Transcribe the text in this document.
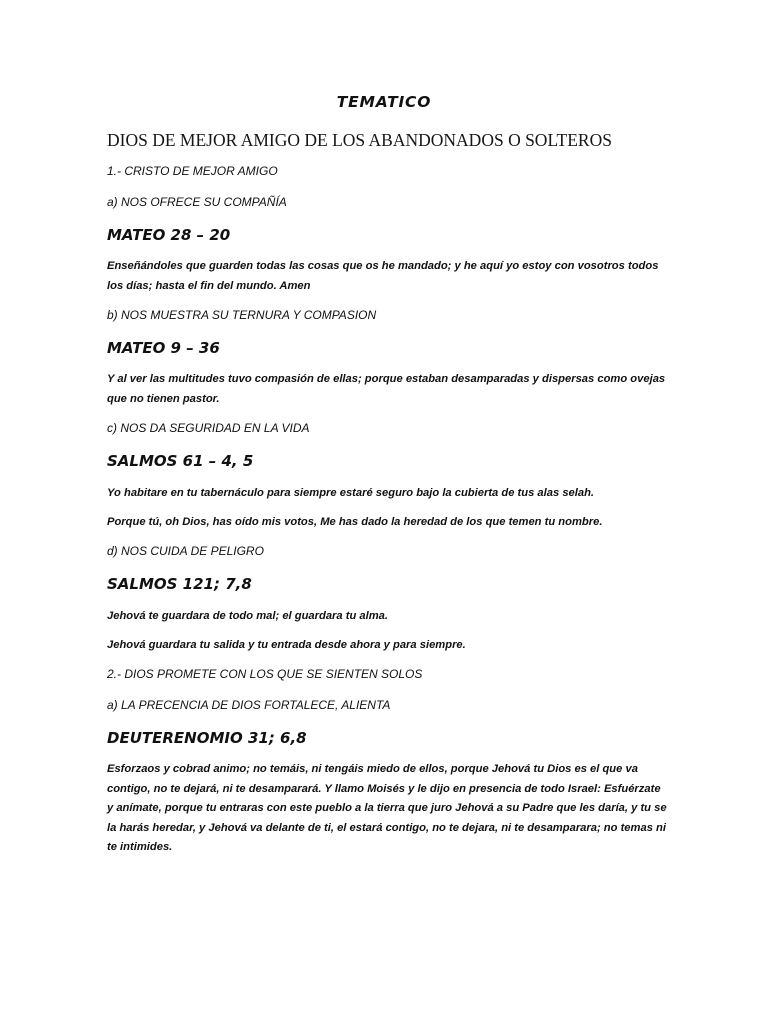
TEMATICO

DIOS DE MEJOR AMIGO DE LOS ABANDONADOS O SOLTEROS

1.- CRISTO DE MEJOR AMIGO

a) NOS OFRECE SU COMPAÑÍA

MATEO 28 – 20

Enseñándoles que guarden todas las cosas que os he mandado; y he aquí yo estoy con vosotros todos los días; hasta el fin del mundo. Amen

b) NOS MUESTRA SU TERNURA Y COMPASION

MATEO 9 – 36

Y al ver las multitudes tuvo compasión de ellas; porque estaban desamparadas y dispersas como ovejas que no tienen pastor.

c) NOS DA SEGURIDAD EN LA VIDA

SALMOS 61 – 4, 5

Yo habitare en tu tabernáculo para siempre estaré seguro bajo la cubierta de tus alas selah.

Porque tú, oh Dios, has oído mis votos, Me has dado la heredad de los que temen tu nombre.

d) NOS CUIDA DE PELIGRO

SALMOS 121; 7,8

Jehová te guardara de todo mal; el guardara tu alma.

Jehová guardara tu salida y tu entrada desde ahora y para siempre.

2.- DIOS PROMETE CON LOS QUE SE SIENTEN SOLOS

a) LA PRECENCIA DE DIOS FORTALECE, ALIENTA

DEUTERENOMIO 31; 6,8

Esforzaos y cobrad animo; no temáis, ni tengáis miedo de ellos, porque Jehová tu Dios es el que va contigo, no te dejará, ni te desamparará. Y llamo Moisés y le dijo en presencia de todo Israel: Esfuérzate y anímate, porque tu entraras con este pueblo a la tierra que juro Jehová a su Padre que les daría, y tu se la harás heredar, y Jehová va delante de ti, el estará contigo, no te dejara, ni te desamparara; no temas ni te intimides.
